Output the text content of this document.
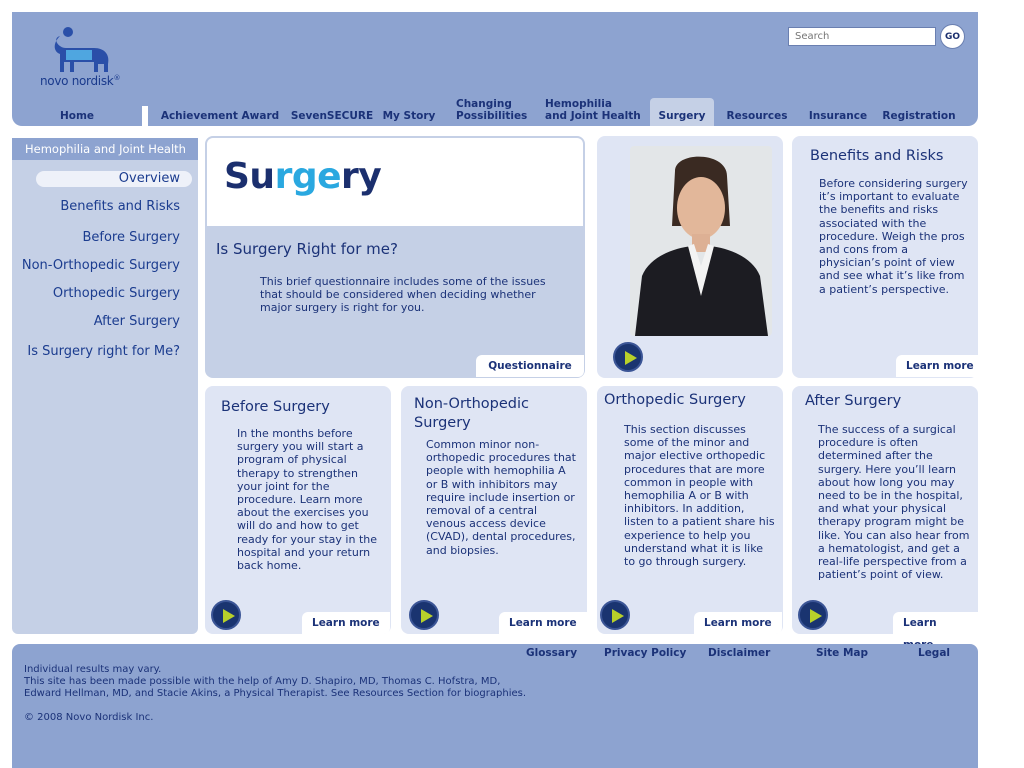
novo nordisk®
Search
GO
Home	Achievement Award SevenSECURE My Story
Changing
Possibilities
Hemophilia
and Joint Health Surgery Resources Insurance Registration
Hemophilia and Joint Health
Overview
Benefits and Risks
Before Surgery
Non-Orthopedic Surgery
Orthopedic Surgery
After Surgery
Is Surgery right for Me?
Surgery
Is Surgery Right for me?
This brief questionnaire includes some of the issues that should be considered when deciding whether major surgery is right for you.
Questionnaire
Benefits and Risks
Before considering surgery it’s important to evaluate the benefits and risks associated with the procedure. Weigh the pros and cons from a physician’s point of view and see what it’s like from a patient’s perspective.
Learn more
Before Surgery
In the months before surgery you will start a program of physical therapy to strengthen your joint for the procedure. Learn more about the exercises you will do and how to get ready for your stay in the hospital and your return back home.
Learn more
Non-Orthopedic Surgery
Common minor non-orthopedic procedures that people with hemophilia A or B with inhibitors may require include insertion or removal of a central venous access device (CVAD), dental procedures, and biopsies.
Learn more
Orthopedic Surgery
This section discusses some of the minor and major elective orthopedic procedures that are more common in people with hemophilia A or B with inhibitors. In addition, listen to a patient share his experience to help you understand what it is like to go through surgery.
Learn more
After Surgery
The success of a surgical procedure is often determined after the surgery. Here you’ll learn about how long you may need to be in the hospital, and what your physical therapy program might be like. You can also hear from a hematologist, and get a real-life perspective from a patient’s point of view.
Learn
Glossary	Privacy Policy Disclaimer	Site Map	Legal
Individual results may vary.
This site has been made possible with the help of Amy D. Shapiro, MD, Thomas C. Hofstra, MD,
Edward Hellman, MD, and Stacie Akins, a Physical Therapist. See Resources Section for biographies.
© 2008 Novo Nordisk Inc.
